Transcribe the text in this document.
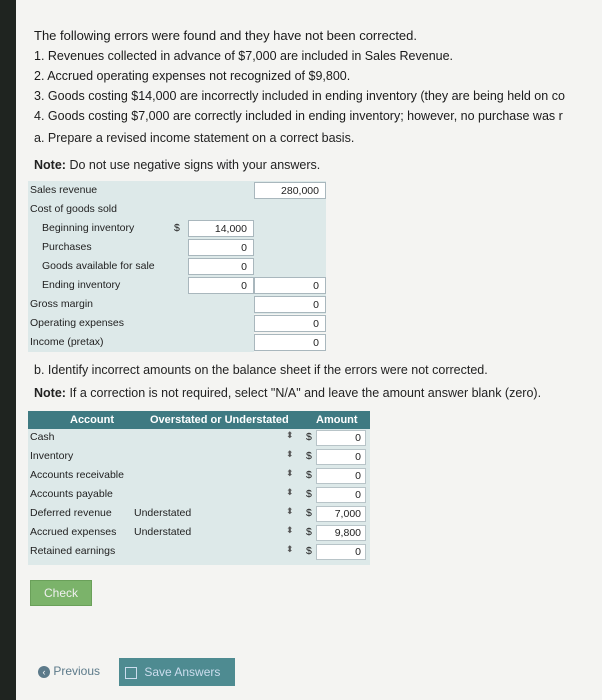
The following errors were found and they have not been corrected.
1. Revenues collected in advance of $7,000 are included in Sales Revenue.
2. Accrued operating expenses not recognized of $9,800.
3. Goods costing $14,000 are incorrectly included in ending inventory (they are being held on co
4. Goods costing $7,000 are correctly included in ending inventory; however, no purchase was r
a. Prepare a revised income statement on a correct basis.
Note: Do not use negative signs with your answers.
Sales revenue	280,000
Cost of goods sold
Beginning inventory	$	14,000
Purchases	0
Goods available for sale	0
Ending inventory	0	0
Gross margin	0
Operating expenses	0
Income (pretax)	0
b. Identify incorrect amounts on the balance sheet if the errors were not corrected.
Note: If a correction is not required, select "N/A" and leave the amount answer blank (zero).
Account	Overstated or Understated Amount
Cash	⬍ $	0
Inventory	⬍ $	0
Accounts receivable	⬍ $	0
Accounts payable	⬍ $	0
Deferred revenue Understated	⬍ $	7,000
Accrued expenses Understated	⬍ $	9,800
Retained earnings	⬍ $	0
Check
‹ Previous	Save Answers
